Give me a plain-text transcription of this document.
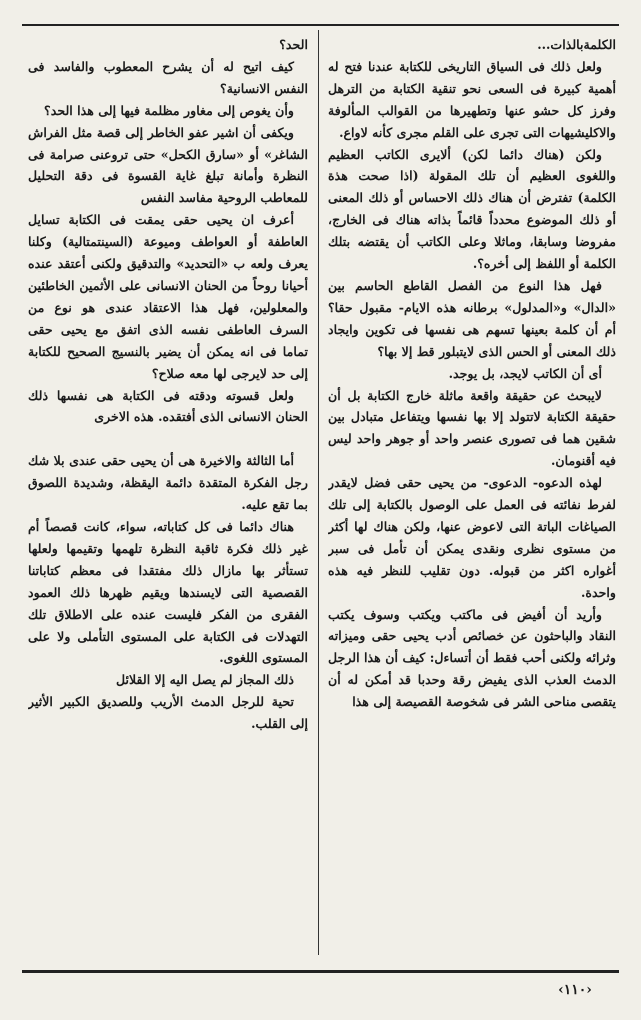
الكلمةبالذات...

ولعل ذلك فى السياق التاريخى للكتابة عندنا فتح له أهمية كبيرة فى السعى نحو تنقية الكتابة من الترهل وفرز كل حشو عنها وتطهيرها من القوالب المألوفة والاكليشيهات التى تجرى على القلم مجرى كأنه لاواع.

ولكن (هناك دائما لكن) ألايرى الكاتب العظيم واللغوى العظيم أن تلك المقولة (اذا صحت هذة الكلمة) تفترض أن هناك ذلك الاحساس أو ذلك المعنى أو ذلك الموضوع محدداً قائماً بذاته هناك فى الخارج، مفروضا وسابقا، وماثلا وعلى الكاتب أن يقتضه بتلك الكلمة أو اللفظ إلى أخره؟.

فهل هذا النوع من الفصل القاطع الحاسم بين «الدال» و«المدلول» برطانه هذه الايام- مقبول حقا؟ أم أن كلمة بعينها تسهم هى نفسها فى تكوين وايجاد ذلك المعنى أو الحس الذى لايتبلور قط إلا بها؟

أى أن الكاتب لايجد، بل يوجد.

لايبحث عن حقيقة واقعة ماثلة خارج الكتابة بل أن حقيقة الكتابة لاتتولد إلا بها نفسها ويتفاعل متبادل بين شقين هما فى تصورى عنصر واحد أو جوهر واحد ليس فيه أقنومان.

لهذه الدعوه- الدعوى- من يحيى حقى فضل لايقدر لفرط نفائته فى العمل على الوصول بالكتابة إلى تلك الصياغات الباتة التى لاعوض عنها، ولكن هناك لها أكثر من مستوى نظرى ونقدى يمكن أن تأمل فى سبر أغواره اكثر من قبوله. دون تقليب للنظر فيه هذه واحدة.

وأريد أن أفيض فى ماكتب ويكتب وسوف يكتب النقاد والباحثون عن خصائص أدب يحيى حقى وميزاته وثرائه ولكنى أحب فقط أن أتساءل: كيف أن هذا الرجل الدمث العذب الذى يفيض رقة وحدبا قد أمكن له أن يتقصى مناحى الشر فى شخوصة القصيصة إلى هذا

الحد؟

كيف اتيح له أن يشرح المعطوب والفاسد فى النفس الانسانية؟

وأن يغوص إلى مغاور مظلمة فيها إلى هذا الحد؟

ويكفى أن اشير عفو الخاطر إلى قصة مثل الفراش الشاغر» أو «سارق الكحل» حتى تروعنى صرامة فى النظرة وأمانة تبلغ غاية القسوة فى دقة التحليل للمعاطب الروحية مفاسد النفس

أعرف ان يحيى حقى يمقت فى الكتابة تسايل العاطفة أو العواطف وميوعة (السينتمتالية) وكلنا يعرف ولعه ب «التحديد» والتدقيق ولكنى أعتقد عنده أحيانا روحاً من الحنان الانسانى على الأثمين الخاطئين والمعلولين، فهل هذا الاعتقاد عندى هو نوع من السرف العاطفى نفسه الذى اتفق مع يحيى حقى تماما فى انه يمكن أن يضير بالنسيج الصحيح للكتابة إلى حد لايرجى لها معه صلاح؟

ولعل قسوته ودقته فى الكتابة هى نفسها ذلك الحنان الانسانى الذى أفتقده. هذه الاخرى

أما الثالثة والاخيرة هى أن يحيى حقى عندى بلا شك رجل الفكرة المتقدة دائمة اليقظة، وشديدة اللصوق بما تقع عليه.

هناك دائما فى كل كتاباته، سواء، كانت قصصاً أم غير ذلك فكرة ثاقبة النظرة تلهمها وتقيمها ولعلها تستأثر بها مازال ذلك مفتقدا فى معظم كتاباتنا القصصية التى لايسندها ويقيم ظهرها ذلك العمود الفقرى من الفكر فليست عنده على الاطلاق تلك التهدلات فى الكتابة على المستوى التأملى ولا على المستوى اللغوى.

ذلك المجاز لم يصل اليه إلا القلائل

تحية للرجل الدمث الأريب وللصديق الكبير الأثير إلى القلب.

‹١١٠›
